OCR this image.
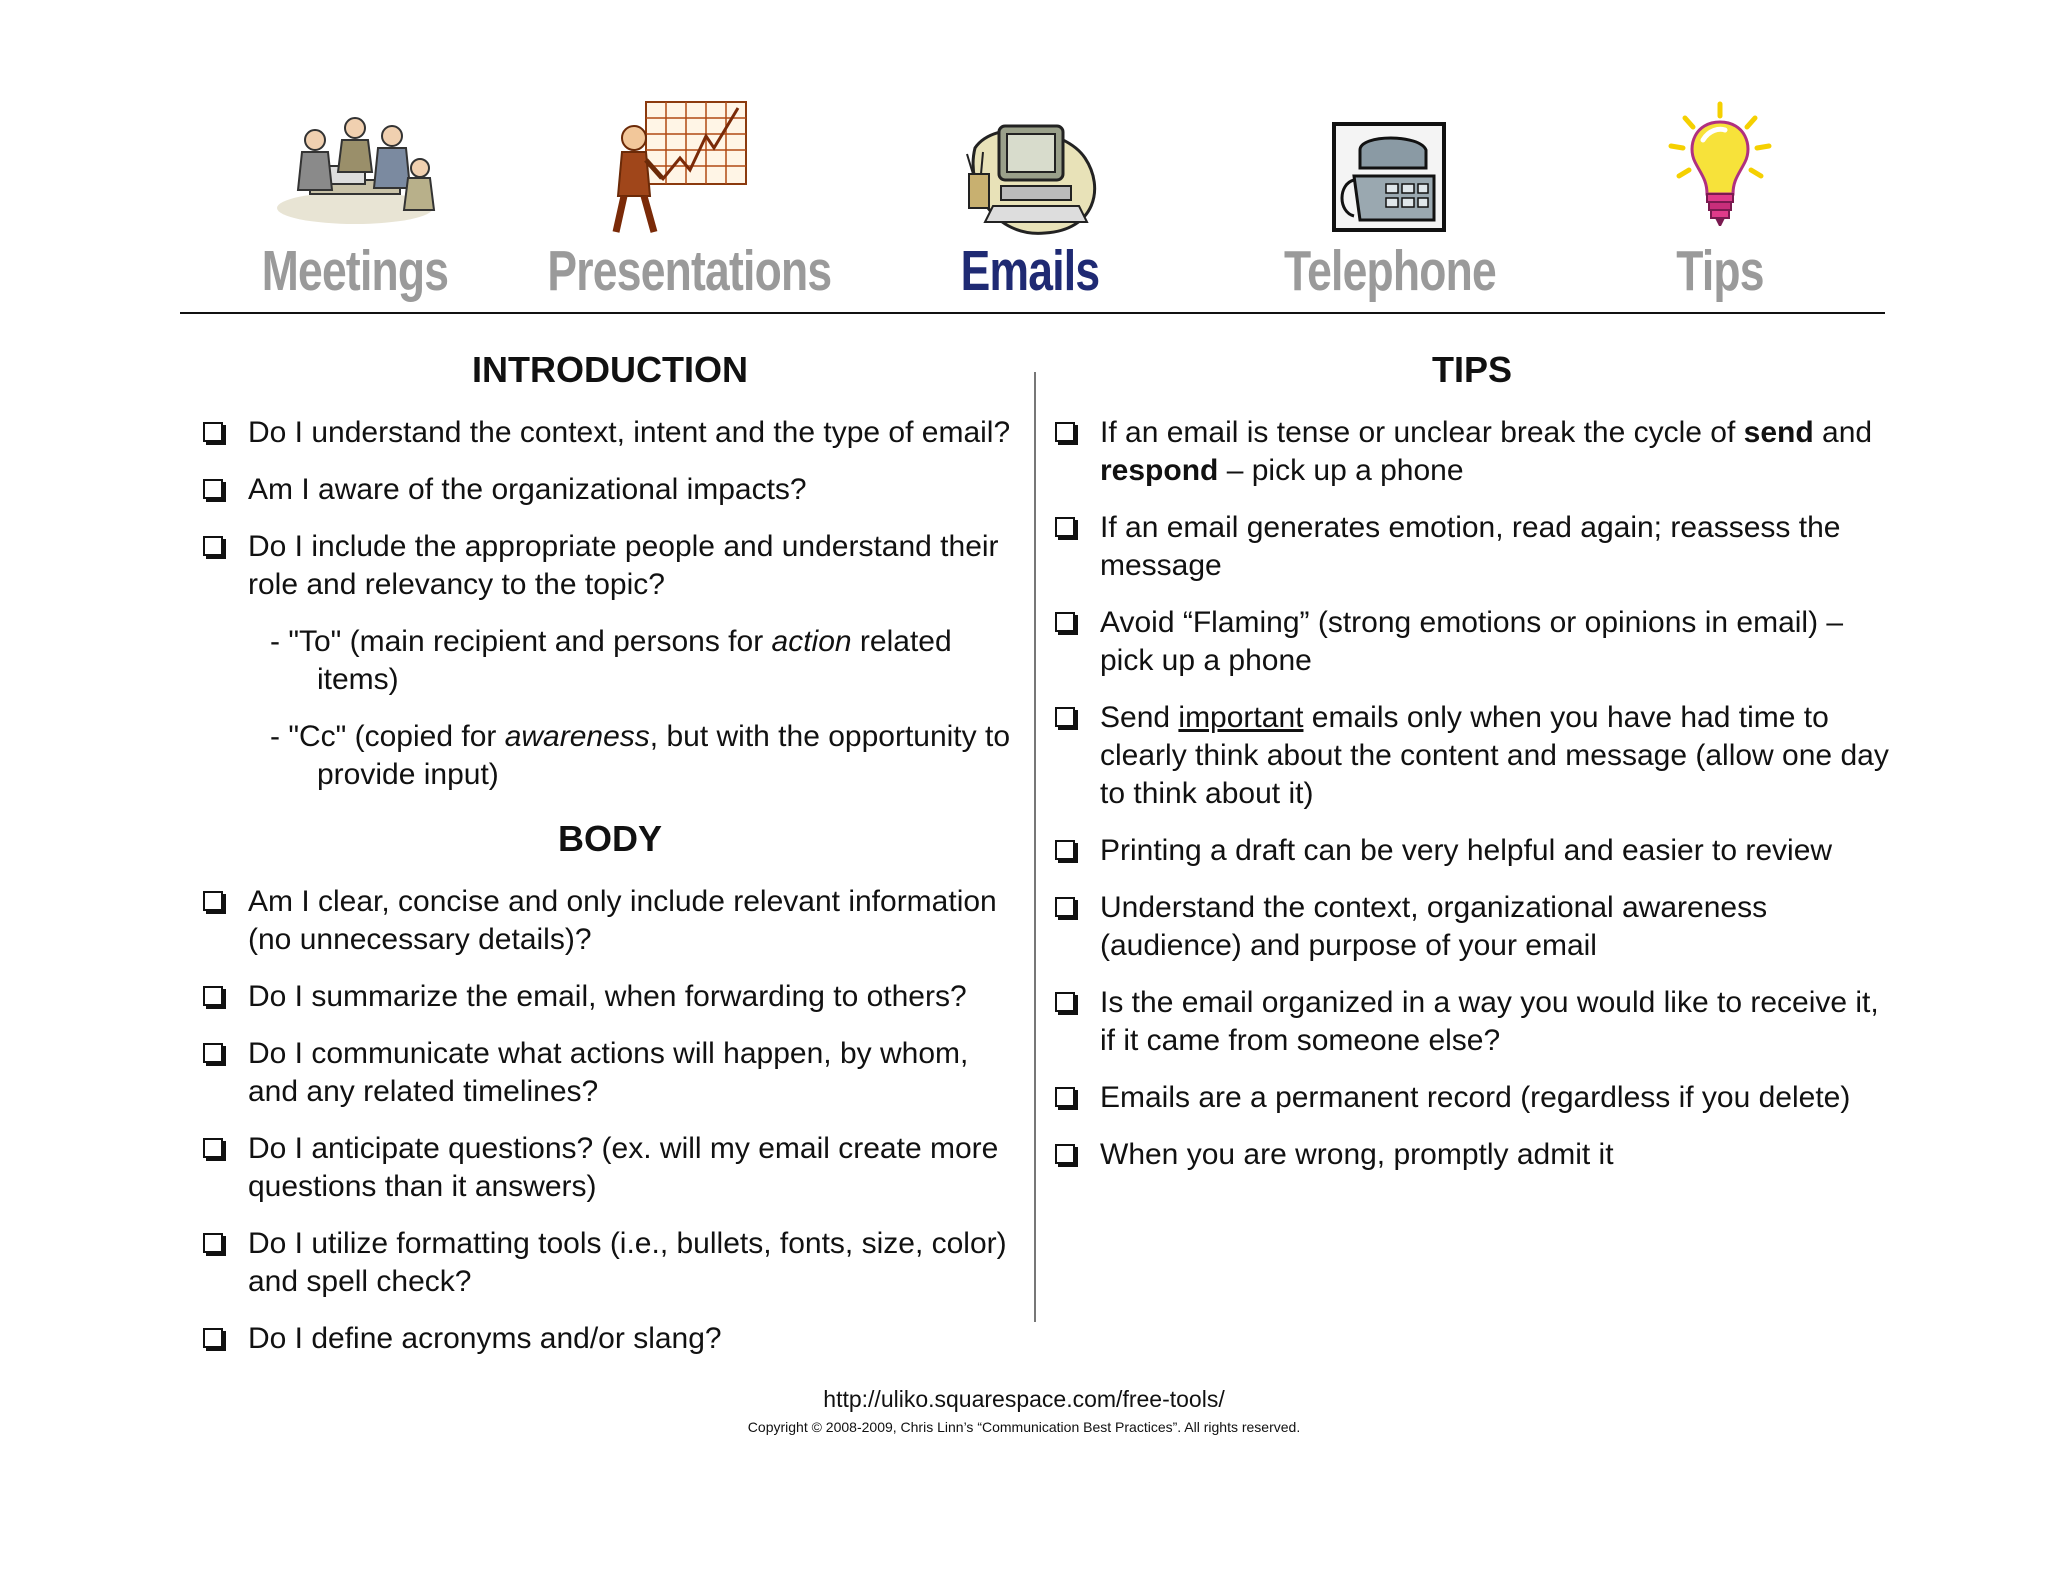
Meetings Presentations	Emails	Telephone	Tips
INTRODUCTION
Do I understand the context, intent and the type of email?
Am I aware of the organizational impacts?
Do I include the appropriate people and understand their role and relevancy to the topic?
- "To" (main recipient and persons for action related items)
- "Cc" (copied for awareness, but with the opportunity to provide input)
BODY
Am I clear, concise and only include relevant information (no unnecessary details)?
Do I summarize the email, when forwarding to others?
Do I communicate what actions will happen, by whom, and any related timelines?
Do I anticipate questions? (ex. will my email create more questions than it answers)
Do I utilize formatting tools (i.e., bullets, fonts, size, color) and spell check?
Do I define acronyms and/or slang?
TIPS
If an email is tense or unclear break the cycle of send and respond – pick up a phone
If an email generates emotion, read again; reassess the message
Avoid “Flaming” (strong emotions or opinions in email) – pick up a phone
Send important emails only when you have had time to clearly think about the content and message (allow one day to think about it)
Printing a draft can be very helpful and easier to review
Understand the context, organizational awareness (audience) and purpose of your email
Is the email organized in a way you would like to receive it, if it came from someone else?
Emails are a permanent record (regardless if you delete)
When you are wrong, promptly admit it
http://uliko.squarespace.com/free-tools/
Copyright © 2008-2009, Chris Linn’s “Communication Best Practices”. All rights reserved.
